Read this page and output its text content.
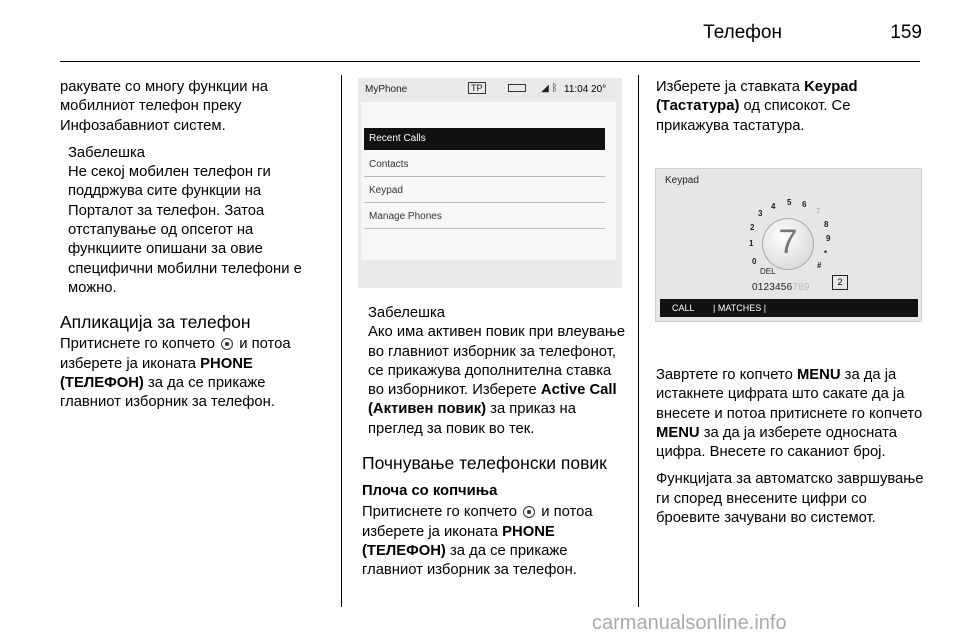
Телефон	159

ракувате со многу функции на мобилниот телефон преку Инфозабавниот систем.

Забелешка

Не секој мобилен телефон ги поддржува сите функции на Порталот за телефон. Затоа отстапување од опсегот на функциите опишани за овие специфични мобилни телефони е можно.

Апликација за телефон

Притиснете го копчето и потоа изберете ја иконата PHONE (ТЕЛЕФОН) за да се прикаже главниот изборник за телефон.

MyPhone	TP	◢ ᛒ 11:04 20°
Recent Calls
Contacts
Keypad
Manage Phones
Забелешка

Ако има активен повик при влеување во главниот изборник за телефонот, се прикажува дополнителна ставка во изборникот. Изберете Active Call (Активен повик) за приказ на преглед за повик во тек.

Почнување телефонски повик
Плоча со копчиња

Притиснете го копчето и потоа изберете ја иконата PHONE (ТЕЛЕФОН) за да се прикаже главниот изборник за телефон.

Изберете ја ставката Keypad (Тастатура) од списокот. Се прикажува тастатура.

Keypad
0
1
2
3
4 5 6
7
8
9
*
#
7
DEL
0123456789	2
CALL | MATCHES |

Завртете го копчето MENU за да ја истакнете цифрата што сакате да ја внесете и потоа притиснете го копчето MENU за да ја изберете односната цифра. Внесете го саканиот број.

Функцијата за автоматско завршување ги според внесените цифри со броевите зачувани во системот.

carmanualsonline.info
